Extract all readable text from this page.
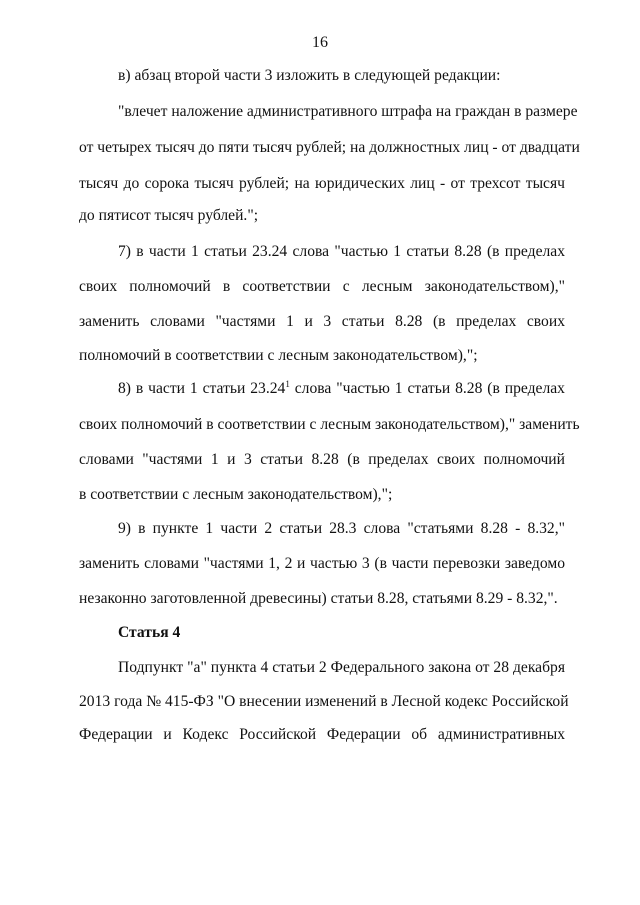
16
в) абзац второй части 3 изложить в следующей редакции:
"влечет наложение административного штрафа на граждан в размере
от четырех тысяч до пяти тысяч рублей; на должностных лиц - от двадцати
тысяч до сорока тысяч рублей; на юридических лиц - от трехсот тысяч
до пятисот тысяч рублей.";
7) в части 1 статьи 23.24 слова "частью 1 статьи 8.28 (в пределах
своих полномочий в соответствии с лесным законодательством),"
заменить словами "частями 1 и 3 статьи 8.28 (в пределах своих
полномочий в соответствии с лесным законодательством),";
8) в части 1 статьи 23.24$^1$ слова "частью 1 статьи 8.28 (в пределах
своих полномочий в соответствии с лесным законодательством)," заменить
словами "частями 1 и 3 статьи 8.28 (в пределах своих полномочий
в соответствии с лесным законодательством),";
9) в пункте 1 части 2 статьи 28.3 слова "статьями 8.28 - 8.32,"
заменить словами "частями 1, 2 и частью 3 (в части перевозки заведомо
незаконно заготовленной древесины) статьи 8.28, статьями 8.29 - 8.32,".
Статья 4
Подпункт "а" пункта 4 статьи 2 Федерального закона от 28 декабря
2013 года № 415-ФЗ "О внесении изменений в Лесной кодекс Российской
Федерации и Кодекс Российской Федерации об административных
